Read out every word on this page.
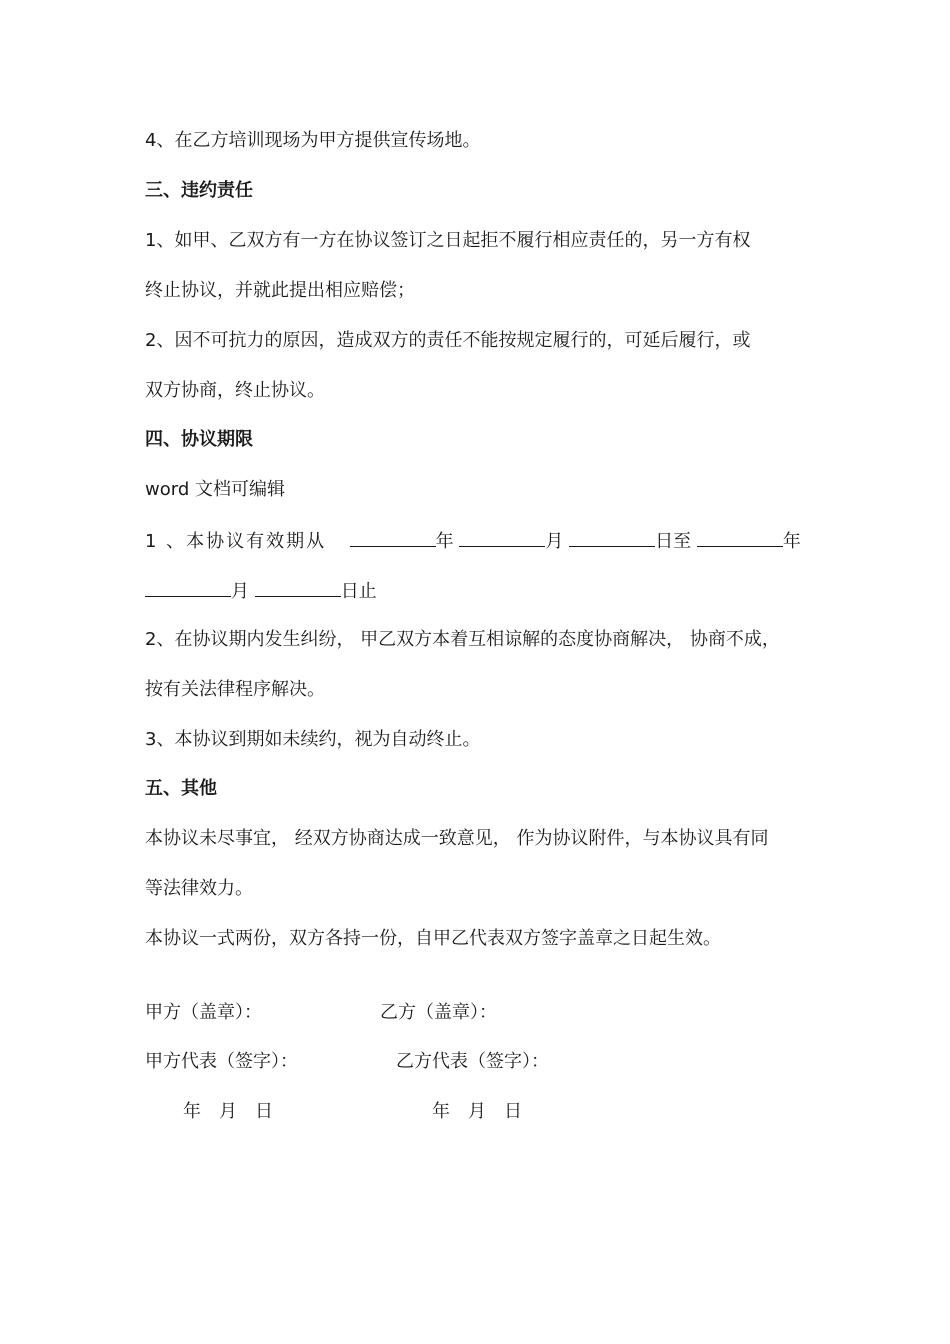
4、在乙方培训现场为甲方提供宣传场地。
三、违约责任
1、如甲、乙双方有一方在协议签订之日起拒不履行相应责任的，另一方有权
终止协议，并就此提出相应赔偿；
2、因不可抗力的原因，造成双方的责任不能按规定履行的，可延后履行，或
双方协商，终止协议。
四、协议期限
word 文档可编辑
1 、本协议有效期从	年	月	日至	年
月	日止
2、在协议期内发生纠纷， 甲乙双方本着互相谅解的态度协商解决， 协商不成，
按有关法律程序解决。
3、本协议到期如未续约，视为自动终止。
五、其他
本协议未尽事宜， 经双方协商达成一致意见， 作为协议附件，与本协议具有同
等法律效力。
本协议一式两份，双方各持一份，自甲乙代表双方签字盖章之日起生效。
甲方（盖章）：	乙方（盖章）：
甲方代表（签字）：	乙方代表（签字）：
年　月　日	年　月　日
